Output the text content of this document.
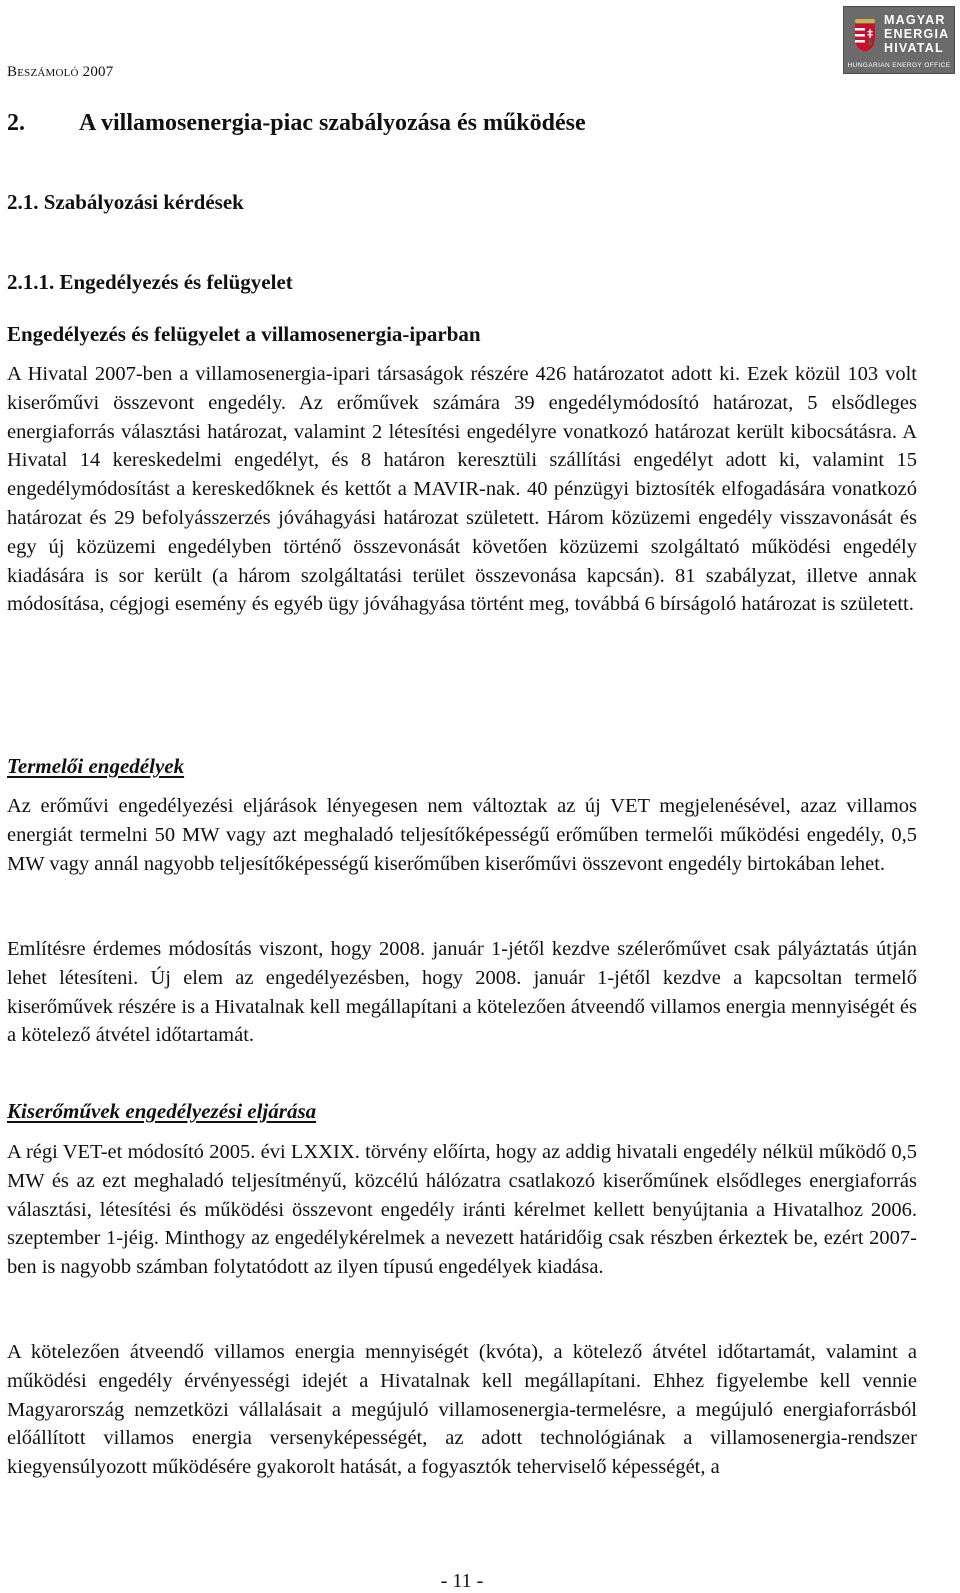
Beszámoló 2007
MAGYAR
ENERGIA
HIVATAL
HUNGARIAN ENERGY OFFICE
2. A villamosenergia-piac szabályozása és működése
2.1. Szabályozási kérdések
2.1.1. Engedélyezés és felügyelet
Engedélyezés és felügyelet a villamosenergia-iparban

A Hivatal 2007-ben a villamosenergia-ipari társaságok részére 426 határozatot adott ki. Ezek közül 103 volt kiserőművi összevont engedély. Az erőművek számára 39 engedélymódosító határozat, 5 elsődleges energiaforrás választási határozat, valamint 2 létesítési engedélyre vonatkozó határozat került kibocsátásra. A Hivatal 14 kereskedelmi engedélyt, és 8 határon keresztüli szállítási engedélyt adott ki, valamint 15 engedélymódosítást a kereskedőknek és kettőt a MAVIR-nak. 40 pénzügyi biztosíték elfogadására vonatkozó határozat és 29 befolyásszerzés jóváhagyási határozat született. Három közüzemi engedély visszavonását és egy új közüzemi engedélyben történő összevonását követően közüzemi szolgáltató működési engedély kiadására is sor került (a három szolgáltatási terület összevonása kapcsán). 81 szabályzat, illetve annak módosítása, cégjogi esemény és egyéb ügy jóváhagyása történt meg, továbbá 6 bírságoló határozat is született.

Termelői engedélyek

Az erőművi engedélyezési eljárások lényegesen nem változtak az új VET megjelenésével, azaz villamos energiát termelni 50 MW vagy azt meghaladó teljesítőképességű erőműben termelői működési engedély, 0,5 MW vagy annál nagyobb teljesítőképességű kiserőműben kiserőművi összevont engedély birtokában lehet.

Említésre érdemes módosítás viszont, hogy 2008. január 1-jétől kezdve szélerőművet csak pályáztatás útján lehet létesíteni. Új elem az engedélyezésben, hogy 2008. január 1-jétől kezdve a kapcsoltan termelő kiserőművek részére is a Hivatalnak kell megállapítani a kötelezően átveendő villamos energia mennyiségét és a kötelező átvétel időtartamát.

Kiserőművek engedélyezési eljárása

A régi VET-et módosító 2005. évi LXXIX. törvény előírta, hogy az addig hivatali engedély nélkül működő 0,5 MW és az ezt meghaladó teljesítményű, közcélú hálózatra csatlakozó kiserőműnek elsődleges energiaforrás választási, létesítési és működési összevont engedély iránti kérelmet kellett benyújtania a Hivatalhoz 2006. szeptember 1-jéig. Minthogy az engedélykérelmek a nevezett határidőig csak részben érkeztek be, ezért 2007-ben is nagyobb számban folytatódott az ilyen típusú engedélyek kiadása.

A kötelezően átveendő villamos energia mennyiségét (kvóta), a kötelező átvétel időtartamát, valamint a működési engedély érvényességi idejét a Hivatalnak kell megállapítani. Ehhez figyelembe kell vennie Magyarország nemzetközi vállalásait a megújuló villamosenergia-termelésre, a megújuló energiaforrásból előállított villamos energia versenyképességét, az adott technológiának a villamosenergia-rendszer kiegyensúlyozott működésére gyakorolt hatását, a fogyasztók teherviselő képességét, a

- 11 -
